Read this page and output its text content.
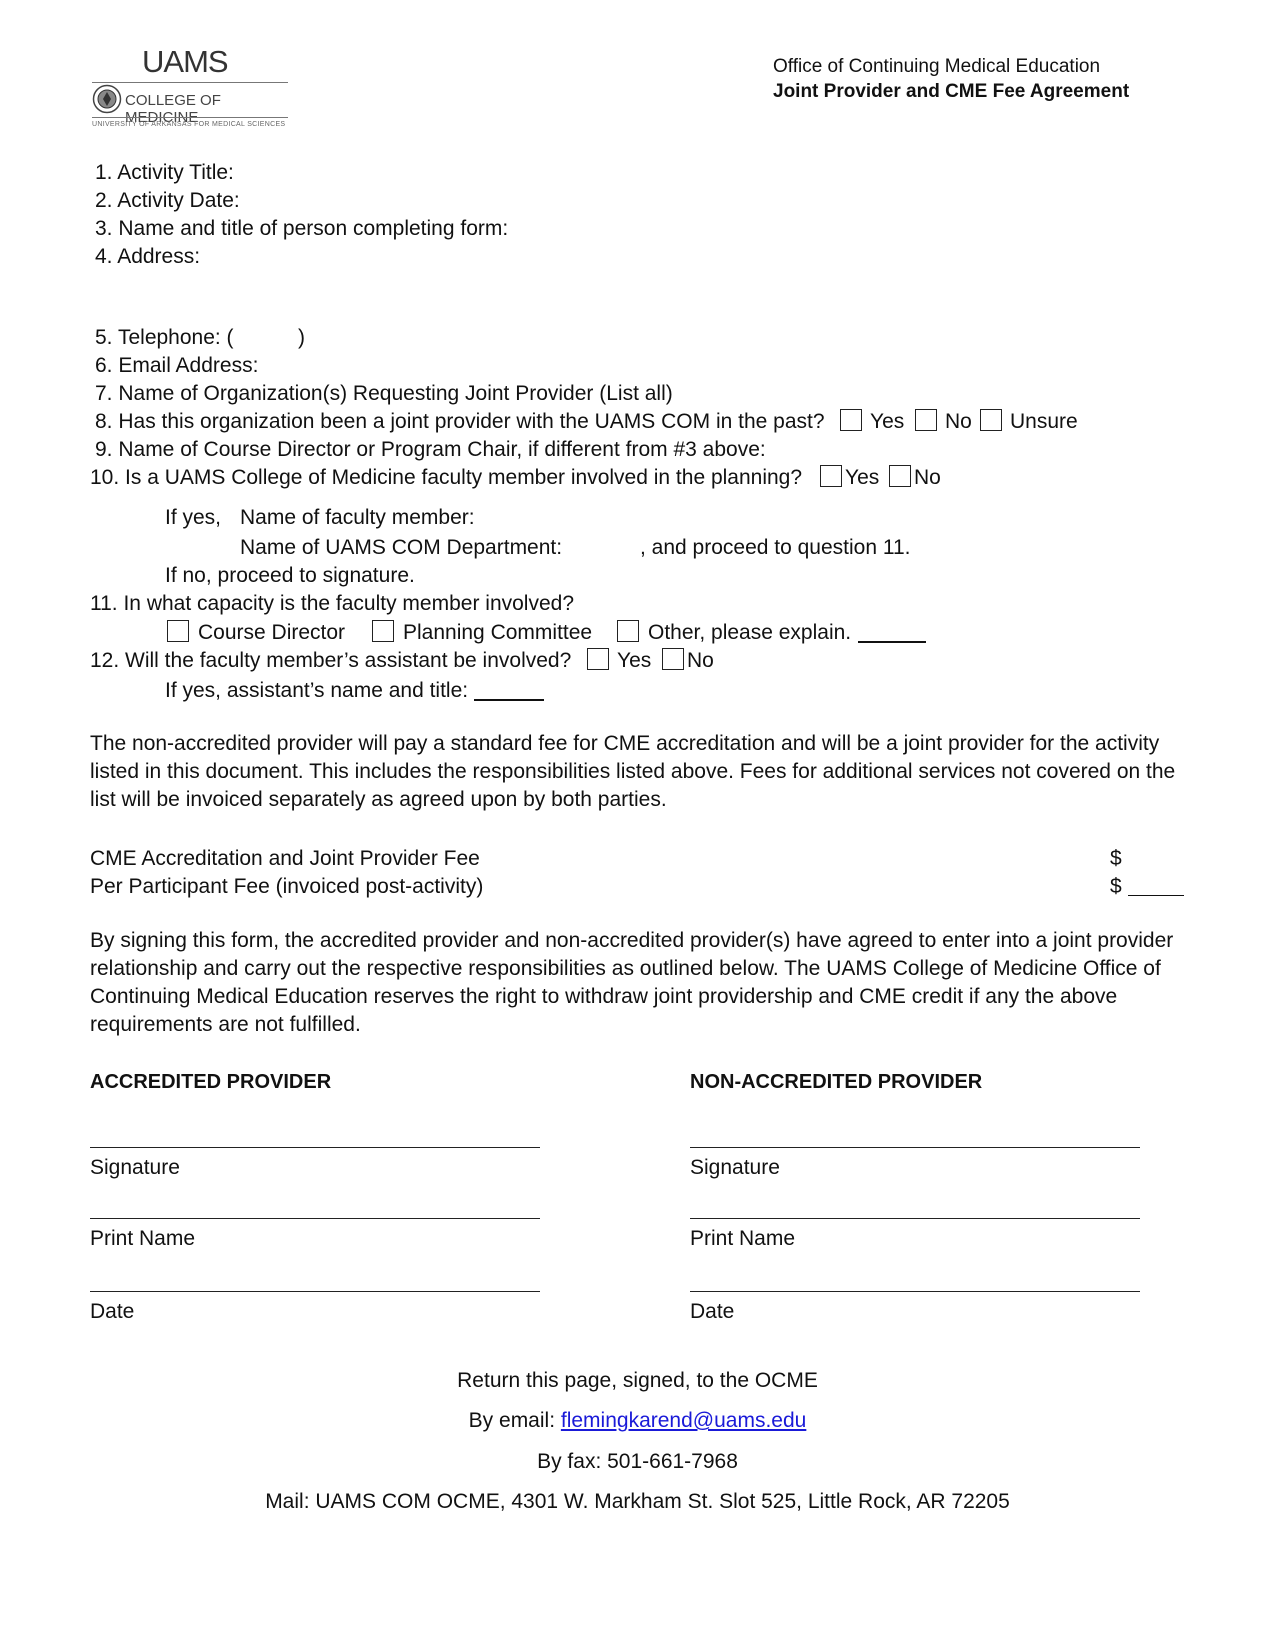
UAMS
COLLEGE OF MEDICINE
UNIVERSITY OF ARKANSAS FOR MEDICAL SCIENCES
Office of Continuing Medical Education
Joint Provider and CME Fee Agreement
1. Activity Title:
2. Activity Date:
3. Name and title of person completing form:
4. Address:
5. Telephone: (	)
6. Email Address:
7. Name of Organization(s) Requesting Joint Provider (List all)
8. Has this organization been a joint provider with the UAMS COM in the past? Yes No Unsure
9. Name of Course Director or Program Chair, if different from #3 above:
10. Is a UAMS College of Medicine faculty member involved in the planning? Yes No
If yes, Name of faculty member:
Name of UAMS COM Department:	, and proceed to question 11.
If no, proceed to signature.
11. In what capacity is the faculty member involved?
Course Director	Planning Committee	Other, please explain.
12. Will the faculty member’s assistant be involved? Yes No
If yes, assistant’s name and title:
The non-accredited provider will pay a standard fee for CME accreditation and will be a joint provider for the activity listed in this document. This includes the responsibilities listed above. Fees for additional services not covered on the list will be invoiced separately as agreed upon by both parties.
CME Accreditation and Joint Provider Fee	$
Per Participant Fee (invoiced post-activity)	$
By signing this form, the accredited provider and non-accredited provider(s) have agreed to enter into a joint provider relationship and carry out the respective responsibilities as outlined below. The UAMS College of Medicine Office of Continuing Medical Education reserves the right to withdraw joint providership and CME credit if any the above requirements are not fulfilled.
ACCREDITED PROVIDER	NON-ACCREDITED PROVIDER
Signature	Signature
Print Name	Print Name
Date	Date
Return this page, signed, to the OCME
By email: flemingkarend@uams.edu
By fax: 501-661-7968
Mail: UAMS COM OCME, 4301 W. Markham St. Slot 525, Little Rock, AR 72205
